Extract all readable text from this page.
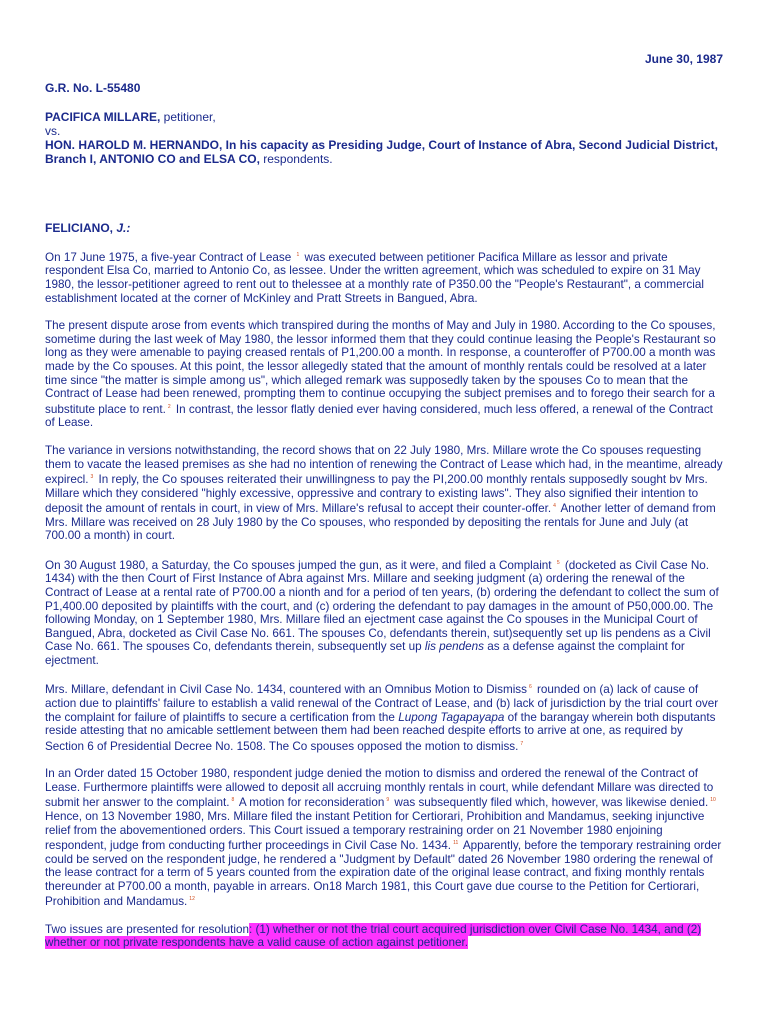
June 30, 1987
G.R. No. L-55480
PACIFICA MILLARE, petitioner,
vs.
HON. HAROLD M. HERNANDO, In his capacity as Presiding Judge, Court of Instance of Abra, Second Judicial District, Branch I, ANTONIO CO and ELSA CO, respondents.
FELICIANO, J.:

On 17 June 1975, a five-year Contract of Lease $^1$ was executed between petitioner Pacifica Millare as lessor and private respondent Elsa Co, married to Antonio Co, as lessee. Under the written agreement, which was scheduled to expire on 31 May 1980, the lessor-petitioner agreed to rent out to thelessee at a monthly rate of P350.00 the "People's Restaurant", a commercial establishment located at the corner of McKinley and Pratt Streets in Bangued, Abra.

The present dispute arose from events which transpired during the months of May and July in 1980. According to the Co spouses, sometime during the last week of May 1980, the lessor informed them that they could continue leasing the People's Restaurant so long as they were amenable to paying creased rentals of P1,200.00 a month. In response, a counteroffer of P700.00 a month was made by the Co spouses. At this point, the lessor allegedly stated that the amount of monthly rentals could be resolved at a later time since "the matter is simple among us", which alleged remark was supposedly taken by the spouses Co to mean that the Contract of Lease had been renewed, prompting them to continue occupying the subject premises and to forego their search for a substitute place to rent. $^2$ In contrast, the lessor flatly denied ever having considered, much less offered, a renewal of the Contract of Lease.

The variance in versions notwithstanding, the record shows that on 22 July 1980, Mrs. Millare wrote the Co spouses requesting them to vacate the leased premises as she had no intention of renewing the Contract of Lease which had, in the meantime, already expirecl. $^3$ In reply, the Co spouses reiterated their unwillingness to pay the PI,200.00 monthly rentals supposedly sought bv Mrs. Millare which they considered "highly excessive, oppressive and contrary to existing laws". They also signified their intention to deposit the amount of rentals in court, in view of Mrs. Millare's refusal to accept their counter-offer. $^4$ Another letter of demand from Mrs. Millare was received on 28 July 1980 by the Co spouses, who responded by depositing the rentals for June and July (at 700.00 a month) in court.

On 30 August 1980, a Saturday, the Co spouses jumped the gun, as it were, and filed a Complaint $^5$ (docketed as Civil Case No. 1434) with the then Court of First Instance of Abra against Mrs. Millare and seeking judgment (a) ordering the renewal of the Contract of Lease at a rental rate of P700.00 a nionth and for a period of ten years, (b) ordering the defendant to collect the sum of P1,400.00 deposited by plaintiffs with the court, and (c) ordering the defendant to pay damages in the amount of P50,000.00. The following Monday, on 1 September 1980, Mrs. Millare filed an ejectment case against the Co spouses in the Municipal Court of Bangued, Abra, docketed as Civil Case No. 661. The spouses Co, defendants therein, sut)sequently set up lis pendens as a Civil Case No. 661. The spouses Co, defendants therein, subsequently set up lis pendens as a defense against the complaint for ejectment.

Mrs. Millare, defendant in Civil Case No. 1434, countered with an Omnibus Motion to Dismiss $^6$ rounded on (a) lack of cause of action due to plaintiffs' failure to establish a valid renewal of the Contract of Lease, and (b) lack of jurisdiction by the trial court over the complaint for failure of plaintiffs to secure a certification from the Lupong Tagapayapa of the barangay wherein both disputants reside attesting that no amicable settlement between them had been reached despite efforts to arrive at one, as required by Section 6 of Presidential Decree No. 1508. The Co spouses opposed the motion to dismiss. $^7$

In an Order dated 15 October 1980, respondent judge denied the motion to dismiss and ordered the renewal of the Contract of Lease. Furthermore plaintiffs were allowed to deposit all accruing monthly rentals in court, while defendant Millare was directed to submit her answer to the complaint. $^8$ A motion for reconsideration $^9$ was subsequently filed which, however, was likewise denied. $^{10}$ Hence, on 13 November 1980, Mrs. Millare filed the instant Petition for Certiorari, Prohibition and Mandamus, seeking injunctive relief from the abovementioned orders. This Court issued a temporary restraining order on 21 November 1980 enjoining respondent, judge from conducting further proceedings in Civil Case No. 1434. $^{11}$ Apparently, before the temporary restraining order could be served on the respondent judge, he rendered a "Judgment by Default" dated 26 November 1980 ordering the renewal of the lease contract for a term of 5 years counted from the expiration date of the original lease contract, and fixing monthly rentals thereunder at P700.00 a month, payable in arrears. On18 March 1981, this Court gave due course to the Petition for Certiorari, Prohibition and Mandamus. $^{12}$

Two issues are presented for resolution: (1) whether or not the trial court acquired jurisdiction over Civil Case No. 1434, and (2) whether or not private respondents have a valid cause of action against petitioner.
